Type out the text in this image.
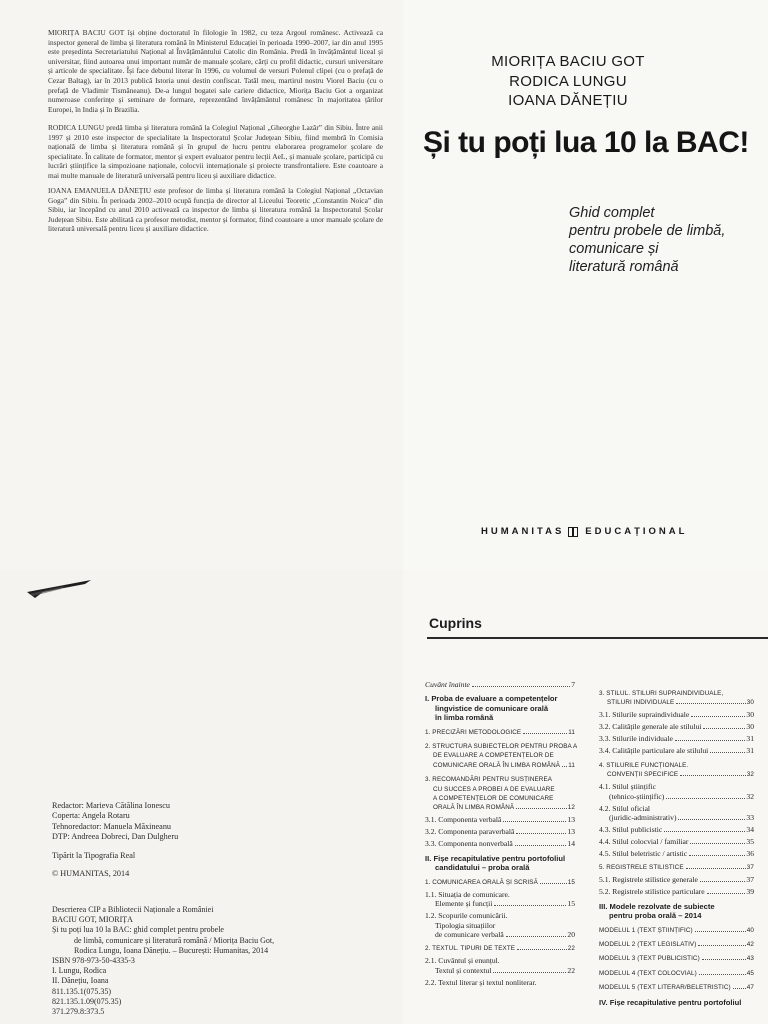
MIORIȚA BACIU GOT își obține doctoratul în filologie în 1982, cu teza Argoul românesc. Activează ca inspector general de limba și literatura română în Ministerul Educației în perioada 1990–2007, iar din anul 1995 este președinta Secretariatului Național al Învățământului Catolic din România. Predă în învățământul liceal și universitar, fiind autoarea unui important număr de manuale școlare, cărți cu profil didactic, cursuri universitare și articole de specialitate. Își face debutul literar în 1996, cu volumul de versuri Polenul clipei (cu o prefață de Cezar Baltag), iar în 2013 publică Istoria unui destin confiscat. Tatăl meu, martirul nostru Viorel Baciu (cu o prefață de Vladimir Tismăneanu). De-a lungul bogatei sale cariere didactice, Miorița Baciu Got a organizat numeroase conferințe și seminare de formare, reprezentând învățământul românesc în majoritatea țărilor Europei, în India și în Brazilia.

RODICA LUNGU predă limba și literatura română la Colegiul Național „Gheorghe Lazăr” din Sibiu. Între anii 1997 și 2010 este inspector de specialitate la Inspectoratul Școlar Județean Sibiu, fiind membră în Comisia națională de limba și literatura română și în grupul de lucru pentru elaborarea programelor școlare de specialitate. În calitate de formator, mentor și expert evaluator pentru lecții AeL, și manuale școlare, participă cu lucrări științifice la simpozioane naționale, colocvii internaționale și proiecte transfrontaliere. Este coautoare a mai multe manuale de literatură universală pentru liceu și auxiliare didactice.

IOANA EMANUELA DĂNEȚIU este profesor de limba și literatura română la Colegiul Național „Octavian Goga” din Sibiu. În perioada 2002–2010 ocupă funcția de director al Liceului Teoretic „Constantin Noica” din Sibiu, iar începând cu anul 2010 activează ca inspector de limba și literatura română la Inspectoratul Școlar Județean Sibiu. Este abilitată ca profesor metodist, mentor și formator, fiind coautoare a unor manuale școlare de literatură universală pentru liceu și auxiliare didactice.

MIORIȚA BACIU GOT
RODICA LUNGU
IOANA DĂNEȚIU
Și tu poți lua 10 la BAC!
Ghid complet
pentru probele de limbă,
comunicare și
literatură română
HUMANITAS EDUCAȚIONAL
Redactor: Marieva Cătălina Ionescu
Coperta: Angela Rotaru
Tehnoredactor: Manuela Măxineanu
DTP: Andreea Dobreci, Dan Dulgheru
Tipărit la Tipografia Real
© HUMANITAS, 2014
Descrierea CIP a Bibliotecii Naționale a României
BACIU GOT, MIORIȚA
Și tu poți lua 10 la BAC: ghid complet pentru probele
de limbă, comunicare și literatură română / Miorița Baciu Got,
Rodica Lungu, Ioana Dănețiu. – București: Humanitas, 2014
ISBN 978-973-50-4335-3
I. Lungu, Rodica
II. Dănețiu, Ioana
811.135.1(075.35)
821.135.1.09(075.35)
371.279.8:373.5
Cuprins
Cuvânt înainte	7
I. Proba de evaluare a competențelor
lingvistice de comunicare orală
în limba română
1. PRECIZĂRI METODOLOGICE	11
2. STRUCTURA SUBIECTELOR PENTRU PROBA A
DE EVALUARE A COMPETENȚELOR DE
COMUNICARE ORALĂ ÎN LIMBA ROMÂNĂ 11
3. RECOMANDĂRI PENTRU SUSȚINEREA
CU SUCCES A PROBEI A DE EVALUARE
A COMPETENȚELOR DE COMUNICARE
ORALĂ ÎN LIMBA ROMÂNĂ	12
3.1. Componenta verbală	13
3.2. Componenta paraverbală	13
3.3. Componenta nonverbală	14
II. Fișe recapitulative pentru portofoliul
candidatului – proba orală
1. COMUNICAREA ORALĂ ȘI SCRISĂ	15
1.1. Situația de comunicare.
Elemente și funcții	15
1.2. Scopurile comunicării.
Tipologia situațiilor
de comunicare verbală	20
2. TEXTUL. TIPURI DE TEXTE	22
2.1. Cuvântul și enunțul.
Textul și contextul	22
2.2. Textul literar și textul nonliterar.
3. STILUL. STILURI SUPRAINDIVIDUALE,
STILURI INDIVIDUALE	30
3.1. Stilurile supraindividuale	30
3.2. Calitățile generale ale stilului	30
3.3. Stilurile individuale	31
3.4. Calitățile particulare ale stilului	31
4. STILURILE FUNCȚIONALE.
CONVENȚII SPECIFICE	32
4.1. Stilul științific
(tehnico-științific)	32
4.2. Stilul oficial
(juridic-administrativ)	33
4.3. Stilul publicistic	34
4.4. Stilul colocvial / familiar	35
4.5. Stilul beletristic / artistic	36
5. REGISTRELE STILISTICE	37
5.1. Registrele stilistice generale	37
5.2. Registrele stilistice particulare	39
III. Modele rezolvate de subiecte
pentru proba orală – 2014
MODELUL 1 (TEXT ȘTIINȚIFIC)	40
MODELUL 2 (TEXT LEGISLATIV)	42
MODELUL 3 (TEXT PUBLICISTIC)	43
MODELUL 4 (TEXT COLOCVIAL)	45
MODELUL 5 (TEXT LITERAR/BELETRISTIC)	47
IV. Fișe recapitulative pentru portofoliul
